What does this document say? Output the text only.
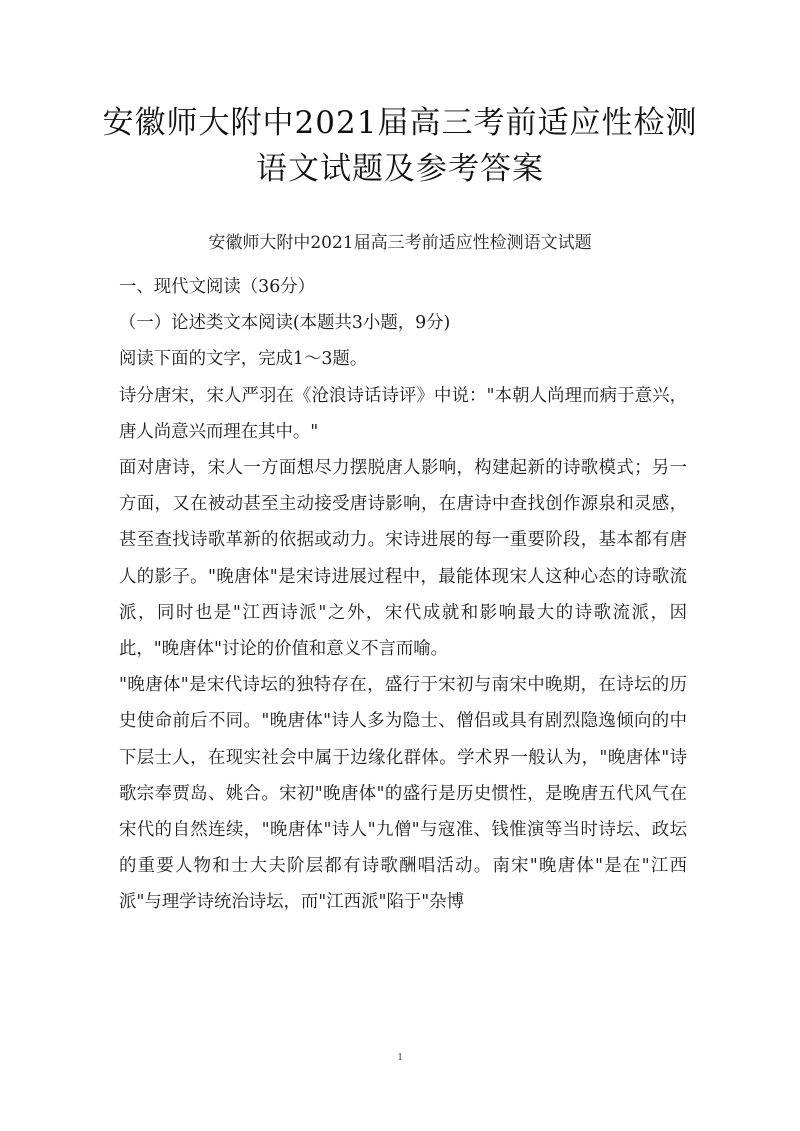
安徽师大附中2021届高三考前适应性检测
语文试题及参考答案
安徽师大附中2021届高三考前适应性检测语文试题

一、现代文阅读（36分）

（一）论述类文本阅读(本题共3小题，9分)

阅读下面的文字，完成1～3题。

诗分唐宋，宋人严羽在《沧浪诗话诗评》中说："本朝人尚理而病于意兴，唐人尚意兴而理在其中。"

面对唐诗，宋人一方面想尽力摆脱唐人影响，构建起新的诗歌模式；另一方面，又在被动甚至主动接受唐诗影响，在唐诗中查找创作源泉和灵感，甚至查找诗歌革新的依据或动力。宋诗进展的每一重要阶段，基本都有唐人的影子。"晚唐体"是宋诗进展过程中，最能体现宋人这种心态的诗歌流派，同时也是"江西诗派"之外，宋代成就和影响最大的诗歌流派，因此，"晚唐体"讨论的价值和意义不言而喻。

"晚唐体"是宋代诗坛的独特存在，盛行于宋初与南宋中晚期，在诗坛的历史使命前后不同。"晚唐体"诗人多为隐士、僧侣或具有剧烈隐逸倾向的中下层士人，在现实社会中属于边缘化群体。学术界一般认为，"晚唐体"诗歌宗奉贾岛、姚合。宋初"晚唐体"的盛行是历史惯性，是晚唐五代风气在宋代的自然连续，"晚唐体"诗人"九僧"与寇准、钱惟演等当时诗坛、政坛的重要人物和士大夫阶层都有诗歌酬唱活动。南宋"晚唐体"是在"江西派"与理学诗统治诗坛，而"江西派"陷于"杂博

1
